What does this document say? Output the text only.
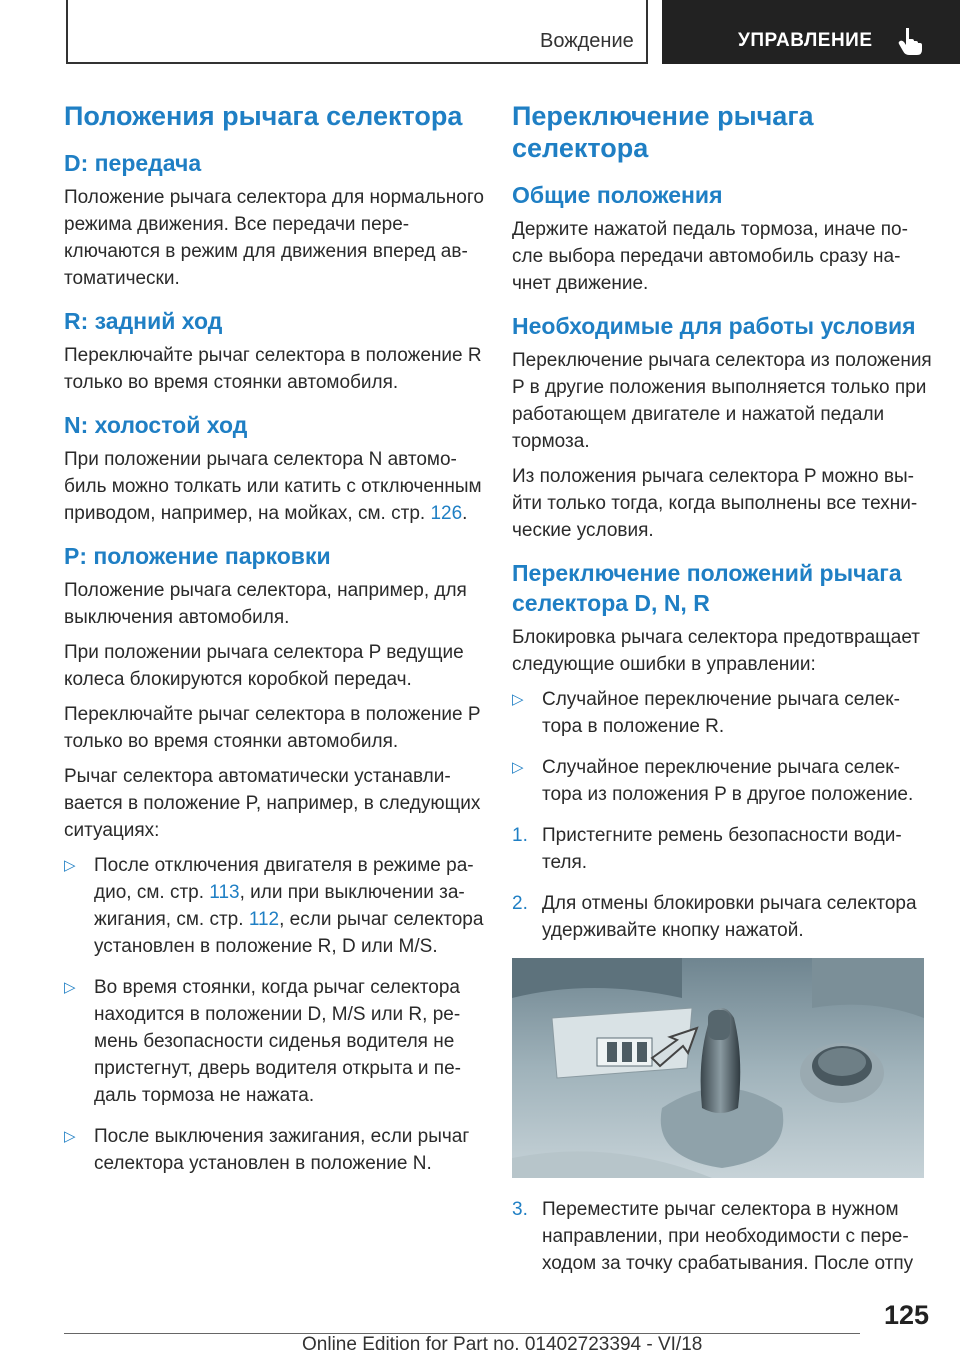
Вождение	УПРАВЛЕНИЕ
Положения рычага селектора
D: передача

Положение рычага селектора для нормального режима движения. Все передачи переключаются в режим для движения вперед автоматически.

R: задний ход

Переключайте рычаг селектора в положение R только во время стоянки автомобиля.

N: холостой ход

При положении рычага селектора N автомобиль можно толкать или катить с отключенным приводом, например, на мойках, см. стр. 126.

P: положение парковки

Положение рычага селектора, например, для выключения автомобиля.

При положении рычага селектора P ведущие колеса блокируются коробкой передач.

Переключайте рычаг селектора в положение P только во время стоянки автомобиля.

Рычаг селектора автоматически устанавливается в положение P, например, в следующих ситуациях:

▷ После отключения двигателя в режиме радио, см. стр. 113, или при выключении зажигания, см. стр. 112, если рычаг селектора установлен в положение R, D или M/S.
▷ Во время стоянки, когда рычаг селектора находится в положении D, M/S или R, ремень безопасности сиденья водителя не пристегнут, дверь водителя открыта и педаль тормоза не нажата.
▷ После выключения зажигания, если рычаг селектора установлен в положение N.
Переключение рычага селектора
Общие положения

Держите нажатой педаль тормоза, иначе после выбора передачи автомобиль сразу начнет движение.

Необходимые для работы условия

Переключение рычага селектора из положения P в другие положения выполняется только при работающем двигателе и нажатой педали тормоза.

Из положения рычага селектора P можно выйти только тогда, когда выполнены все технические условия.

Переключение положений рычага селектора D, N, R

Блокировка рычага селектора предотвращает следующие ошибки в управлении:

▷ Случайное переключение рычага селектора в положение R.
▷ Случайное переключение рычага селектора из положения P в другое положение.
1. Пристегните ремень безопасности водителя.
2. Для отмены блокировки рычага селектора удерживайте кнопку нажатой.
3. Переместите рычаг селектора в нужном направлении, при необходимости с переходом за точку срабатывания. После отпу
125
Online Edition for Part no. 01402723394 - VI/18
